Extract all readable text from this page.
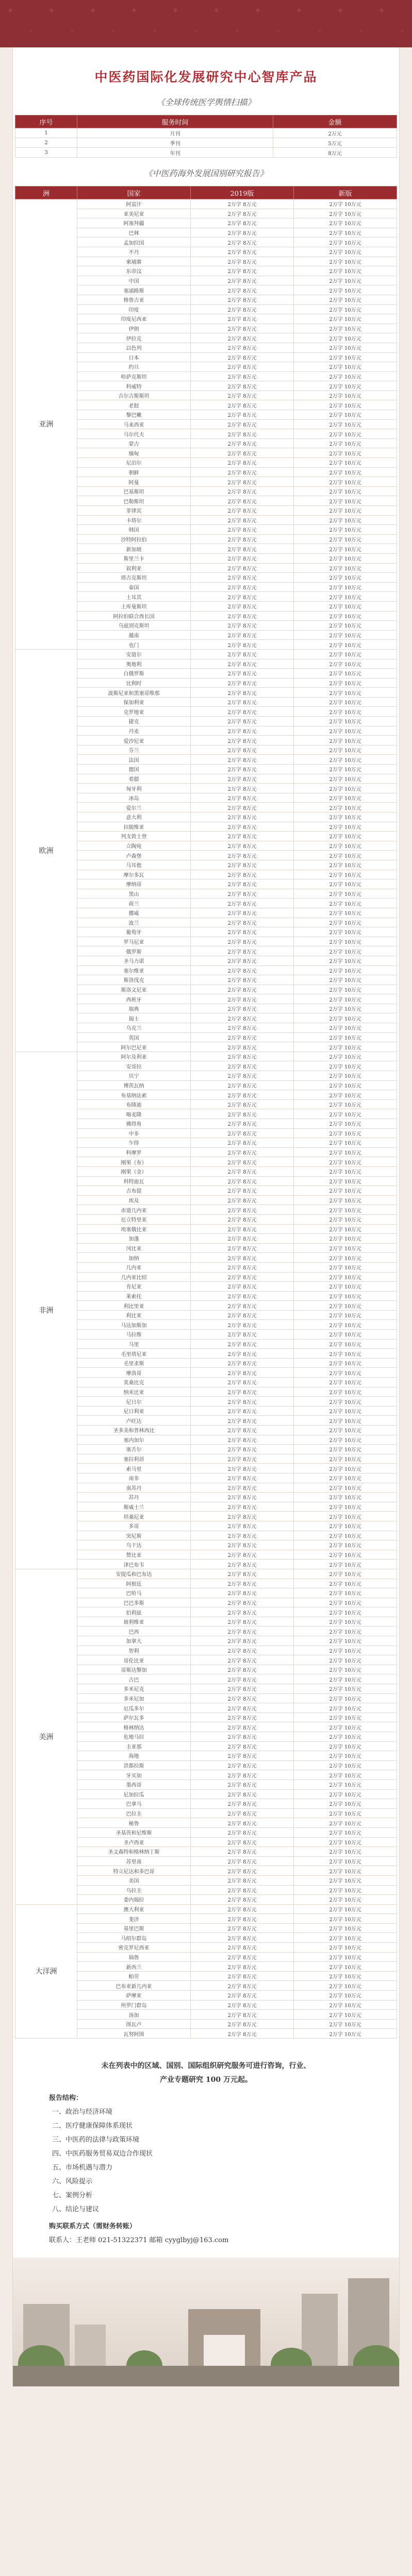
中医药国际化发展研究中心智库产品
《全球传统医学舆情扫描》
序号	服务时间	金额
1	月刊	2万元
2	季刊	5万元
3	年刊	8万元
《中医药海外发展国别研究报告》
洲	国家	2019版	新版
亚洲	阿富汗	2万字 8万元	2万字 10万元
	亚美尼亚	2万字 8万元	2万字 10万元
	阿塞拜疆	2万字 8万元	2万字 10万元
	巴林	2万字 8万元	2万字 10万元
	孟加拉国	2万字 8万元	2万字 10万元
	不丹	2万字 8万元	2万字 10万元
	柬埔寨	2万字 8万元	2万字 10万元
	东帝汶	2万字 8万元	2万字 10万元
	中国	2万字 8万元	2万字 10万元
	塞浦路斯	2万字 8万元	2万字 10万元
	格鲁吉亚	2万字 8万元	2万字 10万元
	印度	2万字 8万元	2万字 10万元
	印度尼西亚	2万字 8万元	2万字 10万元
	伊朗	2万字 8万元	2万字 10万元
	伊拉克	2万字 8万元	2万字 10万元
	以色列	2万字 8万元	2万字 10万元
	日本	2万字 8万元	2万字 10万元
	约旦	2万字 8万元	2万字 10万元
	哈萨克斯坦	2万字 8万元	2万字 10万元
	科威特	2万字 8万元	2万字 10万元
	吉尔吉斯斯坦	2万字 8万元	2万字 10万元
	老挝	2万字 8万元	2万字 10万元
	黎巴嫩	2万字 8万元	2万字 10万元
	马来西亚	2万字 8万元	2万字 10万元
	马尔代夫	2万字 8万元	2万字 10万元
	蒙古	2万字 8万元	2万字 10万元
	缅甸	2万字 8万元	2万字 10万元
	尼泊尔	2万字 8万元	2万字 10万元
	朝鲜	2万字 8万元	2万字 10万元
	阿曼	2万字 8万元	2万字 10万元
	巴基斯坦	2万字 8万元	2万字 10万元
	巴勒斯坦	2万字 8万元	2万字 10万元
	菲律宾	2万字 8万元	2万字 10万元
	卡塔尔	2万字 8万元	2万字 10万元
	韩国	2万字 8万元	2万字 10万元
	沙特阿拉伯	2万字 8万元	2万字 10万元
	新加坡	2万字 8万元	2万字 10万元
	斯里兰卡	2万字 8万元	2万字 10万元
	叙利亚	2万字 8万元	2万字 10万元
	塔吉克斯坦	2万字 8万元	2万字 10万元
	泰国	2万字 8万元	2万字 10万元
	土耳其	2万字 8万元	2万字 10万元
	土库曼斯坦	2万字 8万元	2万字 10万元
	阿拉伯联合酋长国	2万字 8万元	2万字 10万元
	乌兹别克斯坦	2万字 8万元	2万字 10万元
	越南	2万字 8万元	2万字 10万元
	也门	2万字 8万元	2万字 10万元
欧洲	安道尔	2万字 8万元	2万字 10万元
	奥地利	2万字 8万元	2万字 10万元
	白俄罗斯	2万字 8万元	2万字 10万元
	比利时	2万字 8万元	2万字 10万元
	波斯尼亚和黑塞哥维那	2万字 8万元	2万字 10万元
	保加利亚	2万字 8万元	2万字 10万元
	克罗地亚	2万字 8万元	2万字 10万元
	捷克	2万字 8万元	2万字 10万元
	丹麦	2万字 8万元	2万字 10万元
	爱沙尼亚	2万字 8万元	2万字 10万元
	芬兰	2万字 8万元	2万字 10万元
	法国	2万字 8万元	2万字 10万元
	德国	2万字 8万元	2万字 10万元
	希腊	2万字 8万元	2万字 10万元
	匈牙利	2万字 8万元	2万字 10万元
	冰岛	2万字 8万元	2万字 10万元
	爱尔兰	2万字 8万元	2万字 10万元
	意大利	2万字 8万元	2万字 10万元
	拉脱维亚	2万字 8万元	2万字 10万元
	列支敦士登	2万字 8万元	2万字 10万元
	立陶宛	2万字 8万元	2万字 10万元
	卢森堡	2万字 8万元	2万字 10万元
	马耳他	2万字 8万元	2万字 10万元
	摩尔多瓦	2万字 8万元	2万字 10万元
	摩纳哥	2万字 8万元	2万字 10万元
	黑山	2万字 8万元	2万字 10万元
	荷兰	2万字 8万元	2万字 10万元
	挪威	2万字 8万元	2万字 10万元
	波兰	2万字 8万元	2万字 10万元
	葡萄牙	2万字 8万元	2万字 10万元
	罗马尼亚	2万字 8万元	2万字 10万元
	俄罗斯	2万字 8万元	2万字 10万元
	圣马力诺	2万字 8万元	2万字 10万元
	塞尔维亚	2万字 8万元	2万字 10万元
	斯洛伐克	2万字 8万元	2万字 10万元
	斯洛文尼亚	2万字 8万元	2万字 10万元
	西班牙	2万字 8万元	2万字 10万元
	瑞典	2万字 8万元	2万字 10万元
	瑞士	2万字 8万元	2万字 10万元
	乌克兰	2万字 8万元	2万字 10万元
	英国	2万字 8万元	2万字 10万元
	阿尔巴尼亚	2万字 8万元	2万字 10万元
非洲	阿尔及利亚	2万字 8万元	2万字 10万元
	安哥拉	2万字 8万元	2万字 10万元
	贝宁	2万字 8万元	2万字 10万元
	博茨瓦纳	2万字 8万元	2万字 10万元
	布基纳法索	2万字 8万元	2万字 10万元
	布隆迪	2万字 8万元	2万字 10万元
	喀麦隆	2万字 8万元	2万字 10万元
	佛得角	2万字 8万元	2万字 10万元
	中非	2万字 8万元	2万字 10万元
	乍得	2万字 8万元	2万字 10万元
	科摩罗	2万字 8万元	2万字 10万元
	刚果（布）	2万字 8万元	2万字 10万元
	刚果（金）	2万字 8万元	2万字 10万元
	科特迪瓦	2万字 8万元	2万字 10万元
	吉布提	2万字 8万元	2万字 10万元
	埃及	2万字 8万元	2万字 10万元
	赤道几内亚	2万字 8万元	2万字 10万元
	厄立特里亚	2万字 8万元	2万字 10万元
	埃塞俄比亚	2万字 8万元	2万字 10万元
	加蓬	2万字 8万元	2万字 10万元
	冈比亚	2万字 8万元	2万字 10万元
	加纳	2万字 8万元	2万字 10万元
	几内亚	2万字 8万元	2万字 10万元
	几内亚比绍	2万字 8万元	2万字 10万元
	肯尼亚	2万字 8万元	2万字 10万元
	莱索托	2万字 8万元	2万字 10万元
	利比里亚	2万字 8万元	2万字 10万元
	利比亚	2万字 8万元	2万字 10万元
	马达加斯加	2万字 8万元	2万字 10万元
	马拉维	2万字 8万元	2万字 10万元
	马里	2万字 8万元	2万字 10万元
	毛里塔尼亚	2万字 8万元	2万字 10万元
	毛里求斯	2万字 8万元	2万字 10万元
	摩洛哥	2万字 8万元	2万字 10万元
	莫桑比克	2万字 8万元	2万字 10万元
	纳米比亚	2万字 8万元	2万字 10万元
	尼日尔	2万字 8万元	2万字 10万元
	尼日利亚	2万字 8万元	2万字 10万元
	卢旺达	2万字 8万元	2万字 10万元
	圣多美和普林西比	2万字 8万元	2万字 10万元
	塞内加尔	2万字 8万元	2万字 10万元
	塞舌尔	2万字 8万元	2万字 10万元
	塞拉利昂	2万字 8万元	2万字 10万元
	索马里	2万字 8万元	2万字 10万元
	南非	2万字 8万元	2万字 10万元
	南苏丹	2万字 8万元	2万字 10万元
	苏丹	2万字 8万元	2万字 10万元
	斯威士兰	2万字 8万元	2万字 10万元
	坦桑尼亚	2万字 8万元	2万字 10万元
	多哥	2万字 8万元	2万字 10万元
	突尼斯	2万字 8万元	2万字 10万元
	乌干达	2万字 8万元	2万字 10万元
	赞比亚	2万字 8万元	2万字 10万元
	津巴布韦	2万字 8万元	2万字 10万元
美洲	安提瓜和巴布达	2万字 8万元	2万字 10万元
	阿根廷	2万字 8万元	2万字 10万元
	巴哈马	2万字 8万元	2万字 10万元
	巴巴多斯	2万字 8万元	2万字 10万元
	伯利兹	2万字 8万元	2万字 10万元
	玻利维亚	2万字 8万元	2万字 10万元
	巴西	2万字 8万元	2万字 10万元
	加拿大	2万字 8万元	2万字 10万元
	智利	2万字 8万元	2万字 10万元
	哥伦比亚	2万字 8万元	2万字 10万元
	哥斯达黎加	2万字 8万元	2万字 10万元
	古巴	2万字 8万元	2万字 10万元
	多米尼克	2万字 8万元	2万字 10万元
	多米尼加	2万字 8万元	2万字 10万元
	厄瓜多尔	2万字 8万元	2万字 10万元
	萨尔瓦多	2万字 8万元	2万字 10万元
	格林纳达	2万字 8万元	2万字 10万元
	危地马拉	2万字 8万元	2万字 10万元
	圭亚那	2万字 8万元	2万字 10万元
	海地	2万字 8万元	2万字 10万元
	洪都拉斯	2万字 8万元	2万字 10万元
	牙买加	2万字 8万元	2万字 10万元
	墨西哥	2万字 8万元	2万字 10万元
	尼加拉瓜	2万字 8万元	2万字 10万元
	巴拿马	2万字 8万元	2万字 10万元
	巴拉圭	2万字 8万元	2万字 10万元
	秘鲁	2万字 8万元	2万字 10万元
	圣基茨和尼维斯	2万字 8万元	2万字 10万元
	圣卢西亚	2万字 8万元	2万字 10万元
	圣文森特和格林纳丁斯	2万字 8万元	2万字 10万元
	苏里南	2万字 8万元	2万字 10万元
	特立尼达和多巴哥	2万字 8万元	2万字 10万元
	美国	2万字 8万元	2万字 10万元
	乌拉圭	2万字 8万元	2万字 10万元
	委内瑞拉	2万字 8万元	2万字 10万元
大洋洲	澳大利亚	2万字 8万元	2万字 10万元
	斐济	2万字 8万元	2万字 10万元
	基里巴斯	2万字 8万元	2万字 10万元
	马绍尔群岛	2万字 8万元	2万字 10万元
	密克罗尼西亚	2万字 8万元	2万字 10万元
	瑙鲁	2万字 8万元	2万字 10万元
	新西兰	2万字 8万元	2万字 10万元
	帕劳	2万字 8万元	2万字 10万元
	巴布亚新几内亚	2万字 8万元	2万字 10万元
	萨摩亚	2万字 8万元	2万字 10万元
	所罗门群岛	2万字 8万元	2万字 10万元
	汤加	2万字 8万元	2万字 10万元
	图瓦卢	2万字 8万元	2万字 10万元
	瓦努阿图	2万字 8万元	2万字 10万元
未在列表中的区域、国别、国际组织研究服务可进行咨询，行业、
产业专题研究 100 万元起。
报告结构：
一、政治与经济环境
二、医疗健康保障体系现状
三、中医药的法律与政策环境
四、中医药服务贸易双边合作现状
五、市场机遇与潜力
六、风险提示
七、案例分析
八、结论与建议
购买联系方式（需财务转账）
联系人：王老师 021-51322371 邮箱 cyyglbyj@163.com
